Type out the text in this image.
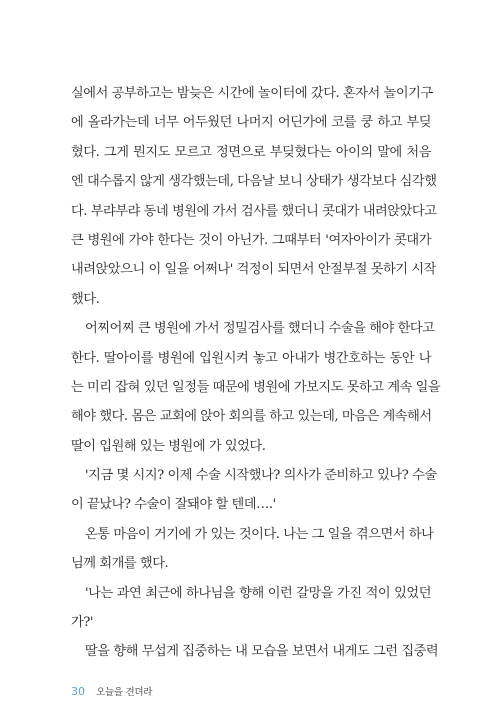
실에서 공부하고는 밤늦은 시간에 놀이터에 갔다. 혼자서 놀이기구
에 올라가는데 너무 어두웠던 나머지 어딘가에 코를 쿵 하고 부딪
혔다. 그게 뭔지도 모르고 정면으로 부딪혔다는 아이의 말에 처음
엔 대수롭지 않게 생각했는데, 다음날 보니 상태가 생각보다 심각했
다. 부랴부랴 동네 병원에 가서 검사를 했더니 콧대가 내려앉았다고
큰 병원에 가야 한다는 것이 아닌가. 그때부터 '여자아이가 콧대가
내려앉았으니 이 일을 어쩌나' 걱정이 되면서 안절부절 못하기 시작
했다.
어찌어찌 큰 병원에 가서 정밀검사를 했더니 수술을 해야 한다고
한다. 딸아이를 병원에 입원시켜 놓고 아내가 병간호하는 동안 나
는 미리 잡혀 있던 일정들 때문에 병원에 가보지도 못하고 계속 일을
해야 했다. 몸은 교회에 앉아 회의를 하고 있는데, 마음은 계속해서
딸이 입원해 있는 병원에 가 있었다.
'지금 몇 시지? 이제 수술 시작했나? 의사가 준비하고 있나? 수술
이 끝났나? 수술이 잘돼야 할 텐데….'
온통 마음이 거기에 가 있는 것이다. 나는 그 일을 겪으면서 하나
님께 회개를 했다.
'나는 과연 최근에 하나님을 향해 이런 갈망을 가진 적이 있었던
가?'
딸을 향해 무섭게 집중하는 내 모습을 보면서 내게도 그런 집중력
30 오늘을 견뎌라
